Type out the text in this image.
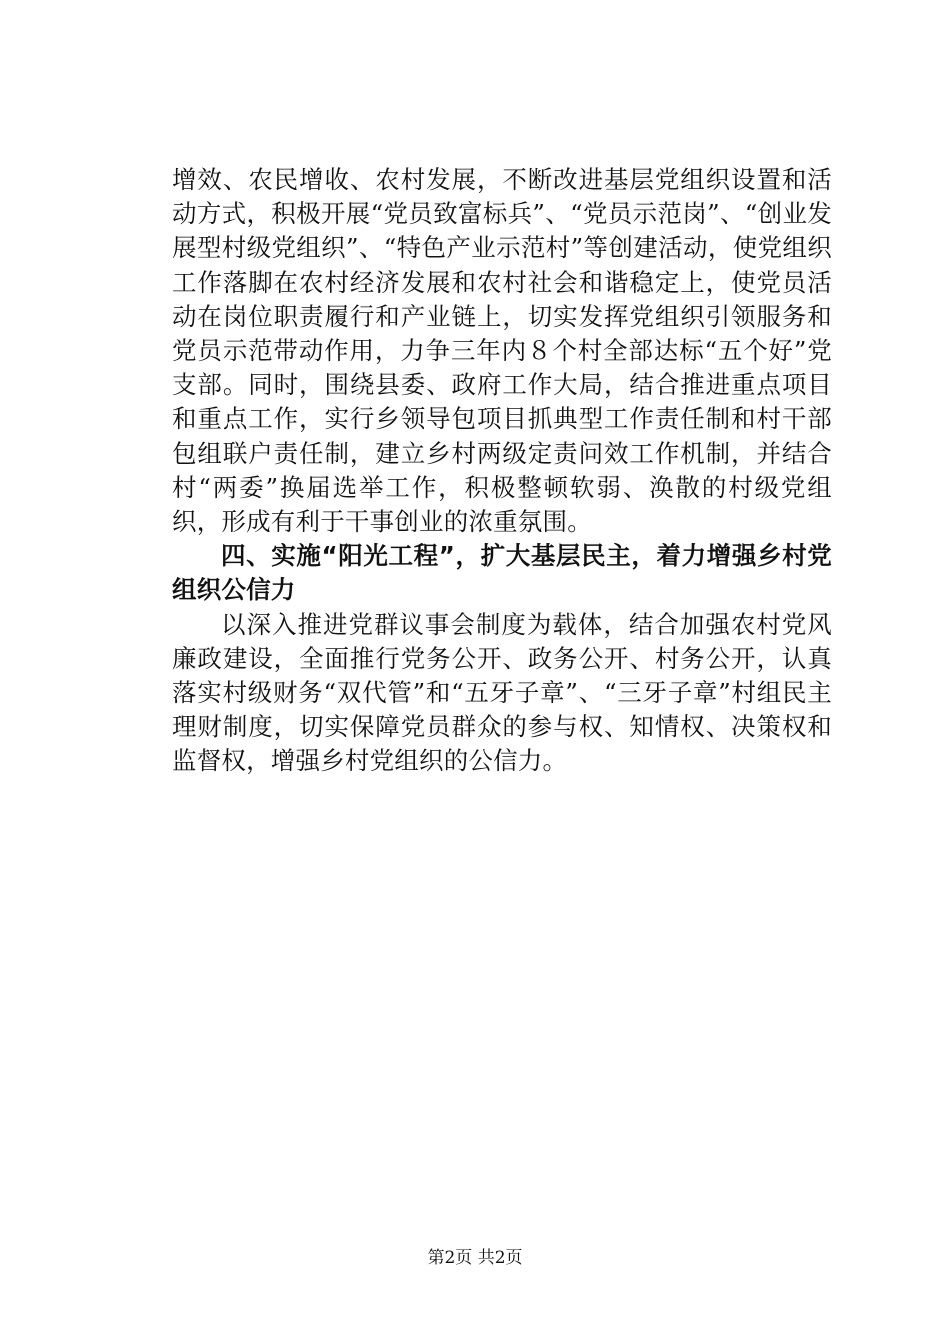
增效、农民增收、农村发展，不断改进基层党组织设置和活动方式，积极开展“党员致富标兵”、“党员示范岗”、“创业发展型村级党组织”、“特色产业示范村”等创建活动，使党组织工作落脚在农村经济发展和农村社会和谐稳定上，使党员活动在岗位职责履行和产业链上，切实发挥党组织引领服务和党员示范带动作用，力争三年内８个村全部达标“五个好”党支部。同时，围绕县委、政府工作大局，结合推进重点项目和重点工作，实行乡领导包项目抓典型工作责任制和村干部包组联户责任制，建立乡村两级定责问效工作机制，并结合村“两委”换届选举工作，积极整顿软弱、涣散的村级党组织，形成有利于干事创业的浓重氛围。

四、实施“阳光工程”，扩大基层民主，着力增强乡村党组织公信力

以深入推进党群议事会制度为载体，结合加强农村党风廉政建设，全面推行党务公开、政务公开、村务公开，认真落实村级财务“双代管”和“五牙子章”、“三牙子章”村组民主理财制度，切实保障党员群众的参与权、知情权、决策权和监督权，增强乡村党组织的公信力。

第2页 共2页
